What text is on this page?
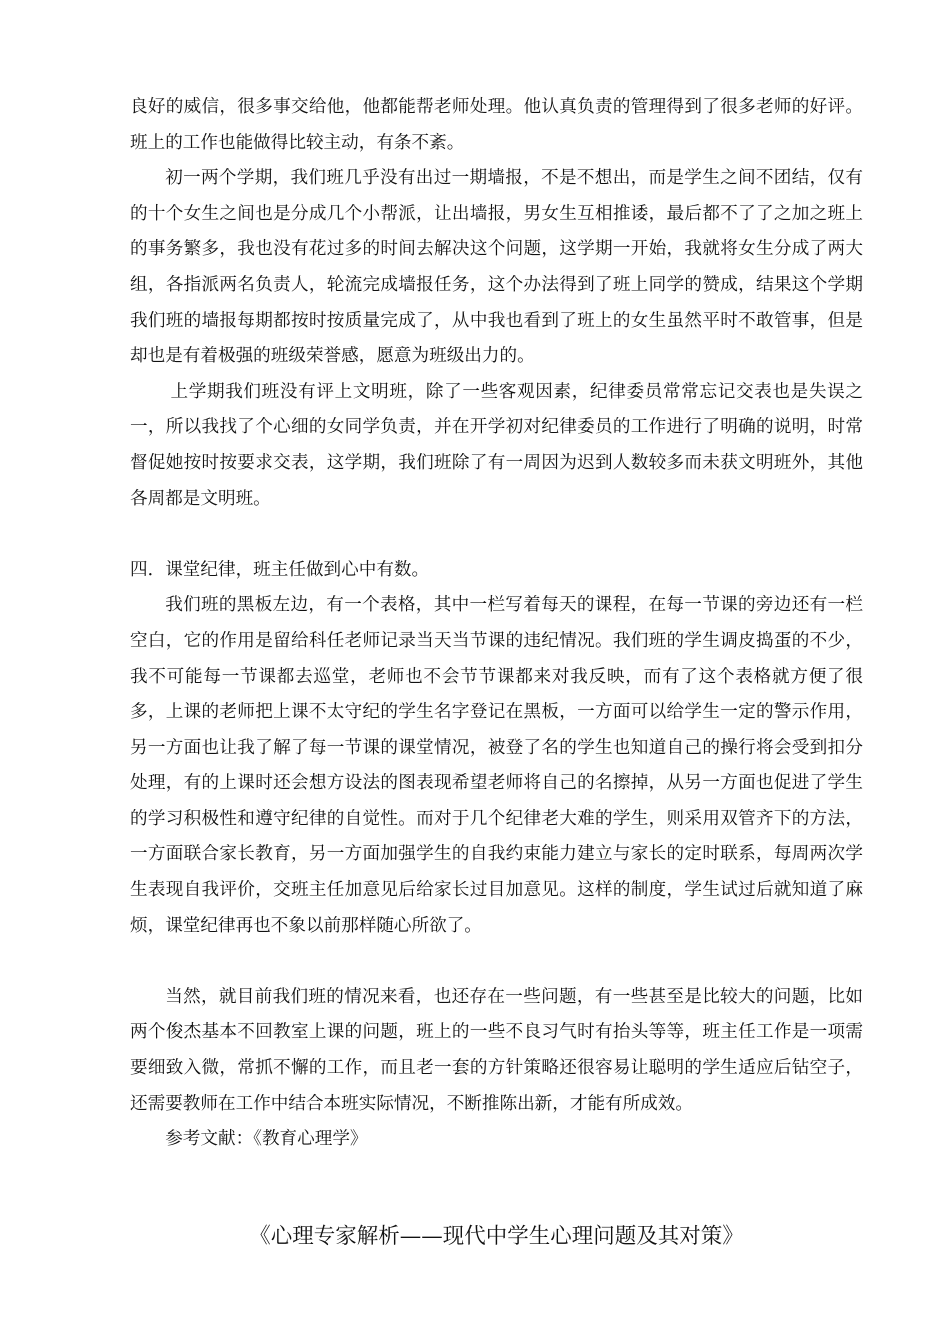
良好的威信，很多事交给他，他都能帮老师处理。他认真负责的管理得到了很多老师的好评。班上的工作也能做得比较主动，有条不紊。

初一两个学期，我们班几乎没有出过一期墙报，不是不想出，而是学生之间不团结，仅有的十个女生之间也是分成几个小帮派，让出墙报，男女生互相推诿，最后都不了了之加之班上的事务繁多，我也没有花过多的时间去解决这个问题，这学期一开始，我就将女生分成了两大组，各指派两名负责人，轮流完成墙报任务，这个办法得到了班上同学的赞成，结果这个学期我们班的墙报每期都按时按质量完成了，从中我也看到了班上的女生虽然平时不敢管事，但是却也是有着极强的班级荣誉感，愿意为班级出力的。

上学期我们班没有评上文明班，除了一些客观因素，纪律委员常常忘记交表也是失误之一，所以我找了个心细的女同学负责，并在开学初对纪律委员的工作进行了明确的说明，时常督促她按时按要求交表，这学期，我们班除了有一周因为迟到人数较多而未获文明班外，其他各周都是文明班。

四．课堂纪律，班主任做到心中有数。

我们班的黑板左边，有一个表格，其中一栏写着每天的课程，在每一节课的旁边还有一栏空白，它的作用是留给科任老师记录当天当节课的违纪情况。我们班的学生调皮捣蛋的不少，我不可能每一节课都去巡堂，老师也不会节节课都来对我反映，而有了这个表格就方便了很多，上课的老师把上课不太守纪的学生名字登记在黑板，一方面可以给学生一定的警示作用，另一方面也让我了解了每一节课的课堂情况，被登了名的学生也知道自己的操行将会受到扣分处理，有的上课时还会想方设法的图表现希望老师将自己的名擦掉，从另一方面也促进了学生的学习积极性和遵守纪律的自觉性。而对于几个纪律老大难的学生，则采用双管齐下的方法，一方面联合家长教育，另一方面加强学生的自我约束能力建立与家长的定时联系，每周两次学生表现自我评价，交班主任加意见后给家长过目加意见。这样的制度，学生试过后就知道了麻烦，课堂纪律再也不象以前那样随心所欲了。

当然，就目前我们班的情况来看，也还存在一些问题，有一些甚至是比较大的问题，比如两个俊杰基本不回教室上课的问题，班上的一些不良习气时有抬头等等，班主任工作是一项需要细致入微，常抓不懈的工作，而且老一套的方针策略还很容易让聪明的学生适应后钻空子，还需要教师在工作中结合本班实际情况，不断推陈出新，才能有所成效。

参考文献：《教育心理学》

《心理专家解析——现代中学生心理问题及其对策》
